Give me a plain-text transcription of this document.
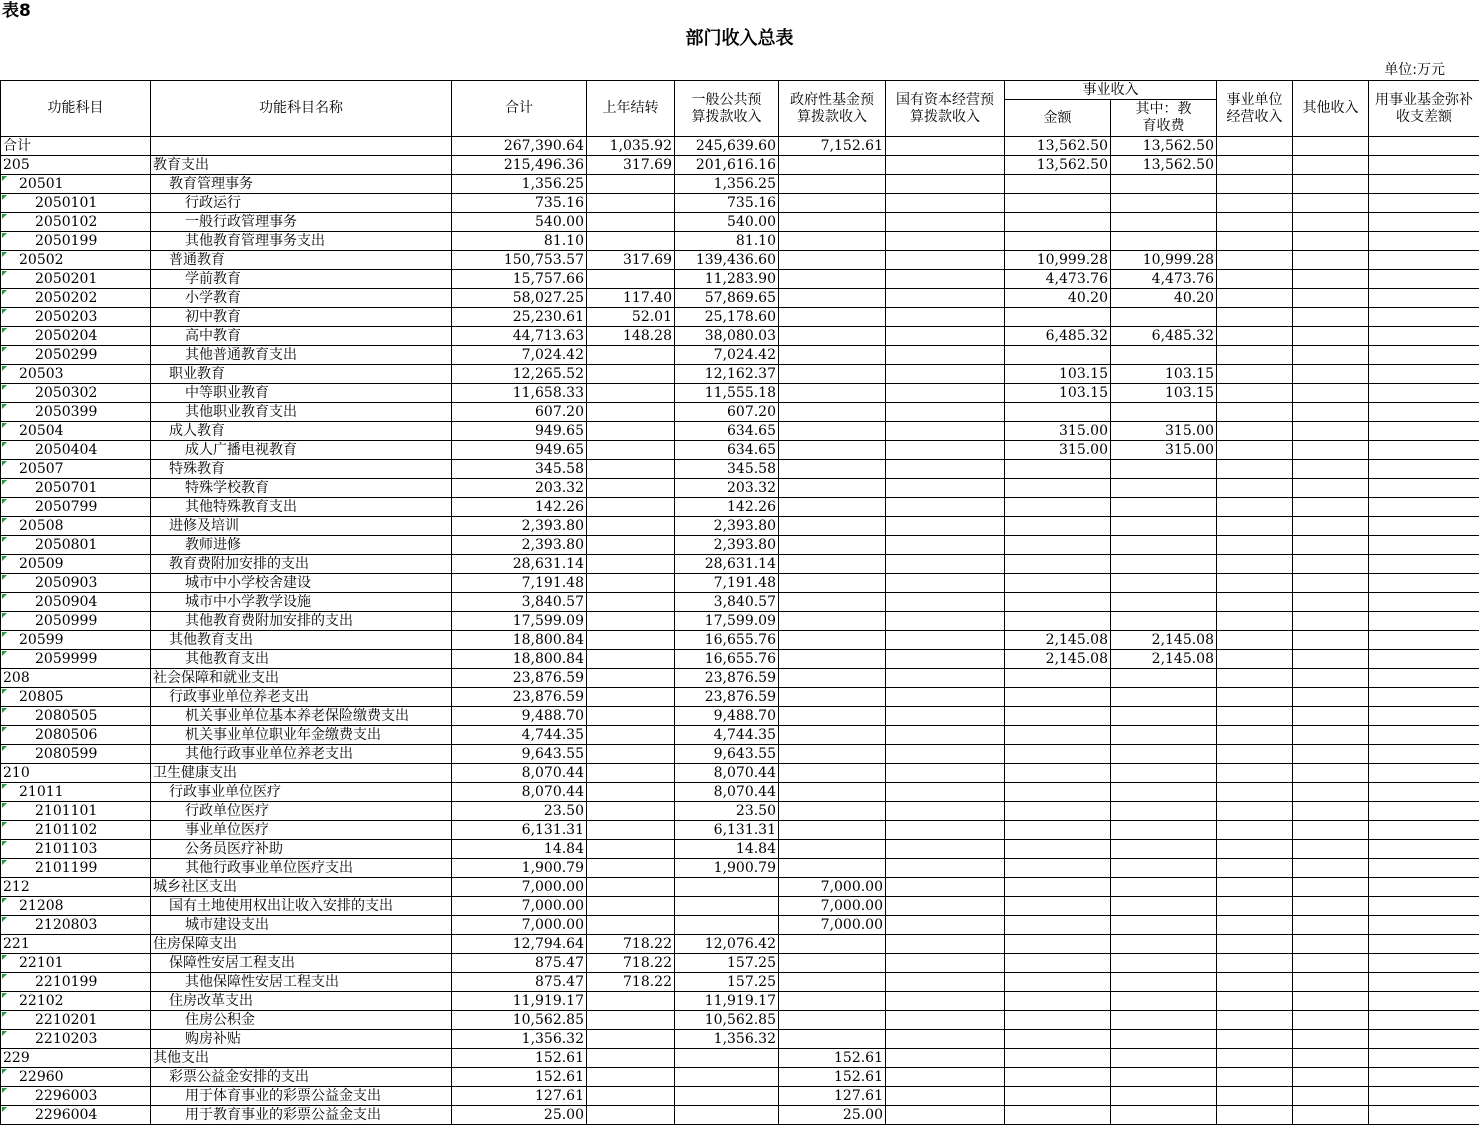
表8
部门收入总表
单位:万元
功能科目	功能科目名称	合计	上年结转	一般公共预算拨款收入	政府性基金预算拨款收入	国有资本经营预算拨款收入	事业收入		事业单位经营收入	其他收入	用事业基金弥补收支差额

							金额	其中：教育收费			

合计		267,390.64	1,035.92	245,639.60	7,152.61		13,562.50	13,562.50			
205	教育支出	215,496.36	317.69	201,616.16			13,562.50	13,562.50			
20501	教育管理事务	1,356.25		1,356.25							
2050101	行政运行	735.16		735.16							
2050102	一般行政管理事务	540.00		540.00							
2050199	其他教育管理事务支出	81.10		81.10							
20502	普通教育	150,753.57	317.69	139,436.60			10,999.28	10,999.28			
2050201	学前教育	15,757.66		11,283.90			4,473.76	4,473.76			
2050202	小学教育	58,027.25	117.40	57,869.65			40.20	40.20			
2050203	初中教育	25,230.61	52.01	25,178.60							
2050204	高中教育	44,713.63	148.28	38,080.03			6,485.32	6,485.32			
2050299	其他普通教育支出	7,024.42		7,024.42							
20503	职业教育	12,265.52		12,162.37			103.15	103.15			
2050302	中等职业教育	11,658.33		11,555.18			103.15	103.15			
2050399	其他职业教育支出	607.20		607.20							
20504	成人教育	949.65		634.65			315.00	315.00			
2050404	成人广播电视教育	949.65		634.65			315.00	315.00			
20507	特殊教育	345.58		345.58							
2050701	特殊学校教育	203.32		203.32							
2050799	其他特殊教育支出	142.26		142.26							
20508	进修及培训	2,393.80		2,393.80							
2050801	教师进修	2,393.80		2,393.80							
20509	教育费附加安排的支出	28,631.14		28,631.14							
2050903	城市中小学校舍建设	7,191.48		7,191.48							
2050904	城市中小学教学设施	3,840.57		3,840.57							
2050999	其他教育费附加安排的支出	17,599.09		17,599.09							
20599	其他教育支出	18,800.84		16,655.76			2,145.08	2,145.08			
2059999	其他教育支出	18,800.84		16,655.76			2,145.08	2,145.08			
208	社会保障和就业支出	23,876.59		23,876.59							
20805	行政事业单位养老支出	23,876.59		23,876.59							
2080505	机关事业单位基本养老保险缴费支出	9,488.70		9,488.70							
2080506	机关事业单位职业年金缴费支出	4,744.35		4,744.35							
2080599	其他行政事业单位养老支出	9,643.55		9,643.55							
210	卫生健康支出	8,070.44		8,070.44							
21011	行政事业单位医疗	8,070.44		8,070.44							
2101101	行政单位医疗	23.50		23.50							
2101102	事业单位医疗	6,131.31		6,131.31							
2101103	公务员医疗补助	14.84		14.84							
2101199	其他行政事业单位医疗支出	1,900.79		1,900.79							
212	城乡社区支出	7,000.00			7,000.00						
21208	国有土地使用权出让收入安排的支出	7,000.00			7,000.00						
2120803	城市建设支出	7,000.00			7,000.00						
221	住房保障支出	12,794.64	718.22	12,076.42							
22101	保障性安居工程支出	875.47	718.22	157.25							
2210199	其他保障性安居工程支出	875.47	718.22	157.25							
22102	住房改革支出	11,919.17		11,919.17							
2210201	住房公积金	10,562.85		10,562.85							
2210203	购房补贴	1,356.32		1,356.32							
229	其他支出	152.61			152.61						
22960	彩票公益金安排的支出	152.61			152.61						
2296003	用于体育事业的彩票公益金支出	127.61			127.61						
2296004	用于教育事业的彩票公益金支出	25.00			25.00						
